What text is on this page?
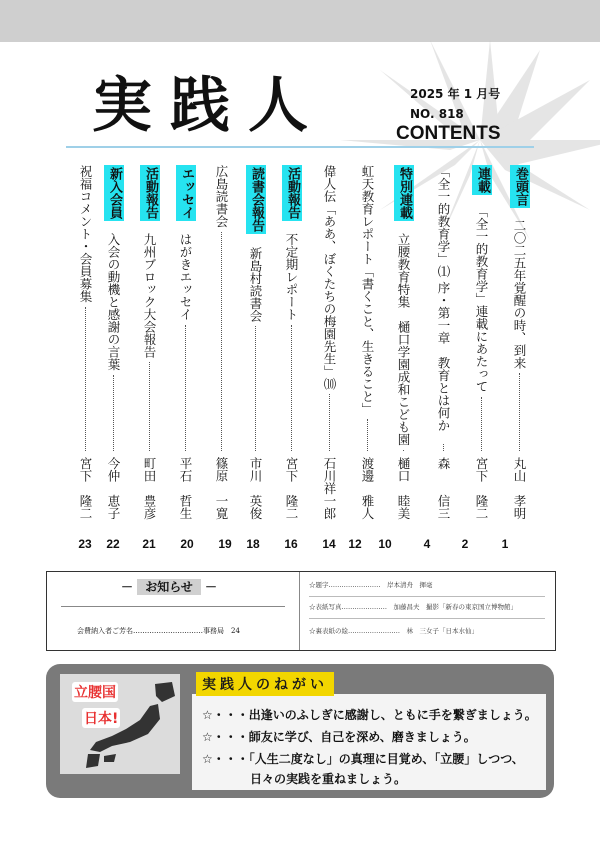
実践人	2025 年 1 月号
NO. 818
CONTENTS
巻頭言
二〇二五年覚醒の時、到来
丸山　孝明
1
連載
「全一的教育学」連載にあたって
宮下　隆二
2
「全一的教育学」⑴ 序・第一章　教育とは何か
森　　信三
4
特別連載
立腰教育特集　樋口学園成和こども園
樋口　睦美
10
虹天教育レポート「書くこと、生きること」
渡邊　雅人
12
偉人伝「ああ、ぼくたちの梅園先生」⑽
石川祥一郎
14
活動報告
不定期レポート
宮下　隆二
16
読書会報告
新島村読書会
市川　英俊
18
広島読書会
篠原　一寛
19
エッセイ
はがきエッセイ
平石　哲生
20
活動報告
九州ブロック大会報告
町田　豊彦
21
新入会員
入会の動機と感謝の言葉
今仲　恵子
22
祝福コメント・会員募集
宮下　隆二
23
－ お知らせ －
会費納入者ご芳名…………………………事務局　24
☆題字……………………　岸本清舟　揮毫
☆表紙写真…………………　加藤昌夫　撮影「新春の東京国立博物館」
☆裏表紙の絵……………………　林　三女子「日本水仙」
立腰国
日本!	☆・・・出逢いのふしぎに感謝し、ともに手を繋ぎましょう。
☆・・・師友に学び、自己を深め、磨きましょう。
☆・・・「人生二度なし」の真理に目覚め、「立腰」しつつ、
　　　　日々の実践を重ねましょう。
実践人のねがい
